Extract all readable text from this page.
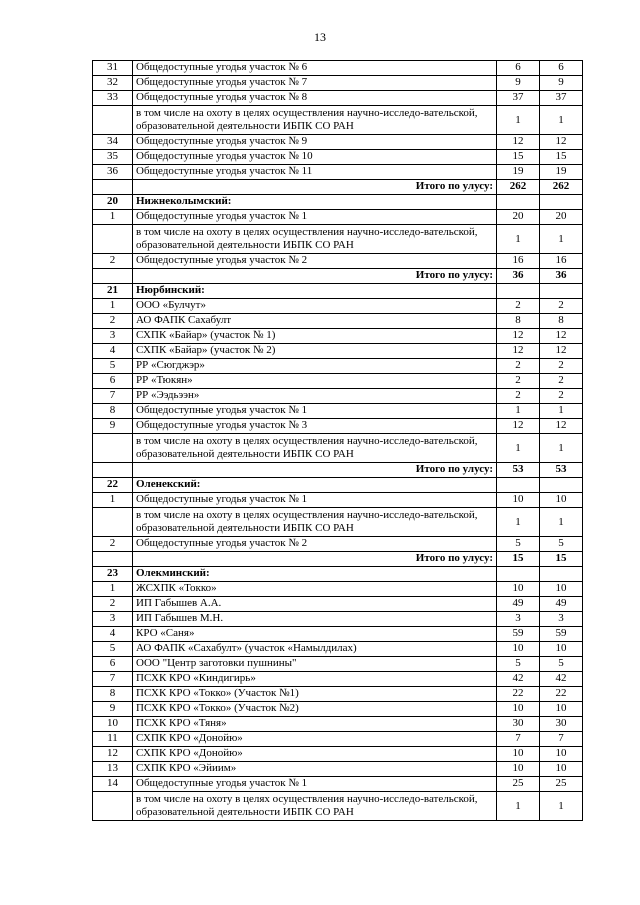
13
31	Общедоступные угодья участок № 6	6	6
32	Общедоступные угодья участок № 7	9	9
33	Общедоступные угодья участок № 8	37	37
	в том числе на охоту в целях осуществления научно-исследо-вательской, образовательной деятельности ИБПК СО РАН	1	1
34	Общедоступные угодья участок № 9	12	12
35	Общедоступные угодья участок № 10	15	15
36	Общедоступные угодья участок № 11	19	19
	Итого по улусу:	262	262
20	Нижнеколымский:		
1	Общедоступные угодья участок № 1	20	20
	в том числе на охоту в целях осуществления научно-исследо-вательской, образовательной деятельности ИБПК СО РАН	1	1
2	Общедоступные угодья участок № 2	16	16
	Итого по улусу:	36	36
21	Нюрбинский:		
1	ООО «Булчут»	2	2
2	АО ФАПК Сахабулт	8	8
3	СХПК «Байар» (участок № 1)	12	12
4	СХПК «Байар» (участок № 2)	12	12
5	РР «Сюгджэр»	2	2
6	РР «Тюкян»	2	2
7	РР «Ээдьээн»	2	2
8	Общедоступные угодья участок № 1	1	1
9	Общедоступные угодья участок № 3	12	12
	в том числе на охоту в целях осуществления научно-исследо-вательской, образовательной деятельности ИБПК СО РАН	1	1
	Итого по улусу:	53	53
22	Оленекский:		
1	Общедоступные угодья участок № 1	10	10
	в том числе на охоту в целях осуществления научно-исследо-вательской, образовательной деятельности ИБПК СО РАН	1	1
2	Общедоступные угодья участок № 2	5	5
	Итого по улусу:	15	15
23	Олекминский:		
1	ЖСХПК «Токко»	10	10
2	ИП Габышев А.А.	49	49
3	ИП Габышев М.Н.	3	3
4	КРО «Саня»	59	59
5	АО ФАПК «Сахабулт» (участок «Намылдилах)	10	10
6	ООО "Центр заготовки пушнины"	5	5
7	ПСХК КРО «Киндигирь»	42	42
8	ПСХК КРО «Токко» (Участок №1)	22	22
9	ПСХК КРО «Токко» (Участок №2)	10	10
10	ПСХК КРО «Тяня»	30	30
11	СХПК КРО «Донойю»	7	7
12	СХПК КРО «Донойю»	10	10
13	СХПК КРО «Эйиим»	10	10
14	Общедоступные угодья участок № 1	25	25
	в том числе на охоту в целях осуществления научно-исследо-вательской, образовательной деятельности ИБПК СО РАН	1	1
